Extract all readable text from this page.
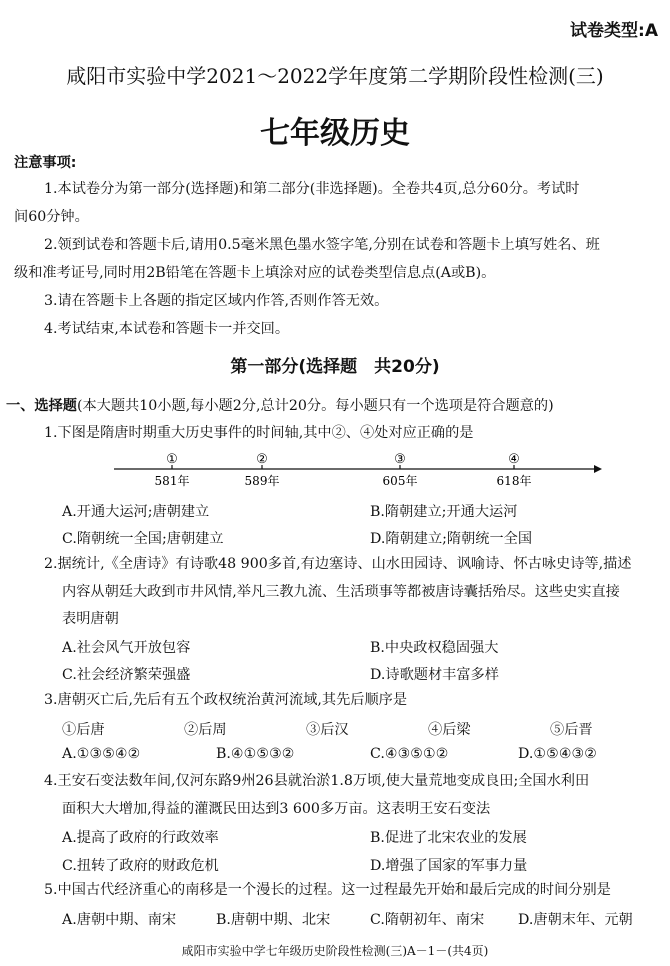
试卷类型:A
咸阳市实验中学2021～2022学年度第二学期阶段性检测(三)
七年级历史
注意事项:
1.本试卷分为第一部分(选择题)和第二部分(非选择题)。全卷共4页,总分60分。考试时
间60分钟。
2.领到试卷和答题卡后,请用0.5毫米黑色墨水签字笔,分别在试卷和答题卡上填写姓名、班
级和准考证号,同时用2B铅笔在答题卡上填涂对应的试卷类型信息点(A或B)。
3.请在答题卡上各题的指定区域内作答,否则作答无效。
4.考试结束,本试卷和答题卡一并交回。
第一部分(选择题　共20分)
一、选择题(本大题共10小题,每小题2分,总计20分。每小题只有一个选项是符合题意的)
1.下图是隋唐时期重大历史事件的时间轴,其中②、④处对应正确的是
①
581年
②
589年
③
605年
④
618年
A.开通大运河;唐朝建立	B.隋朝建立;开通大运河
C.隋朝统一全国;唐朝建立	D.隋朝建立;隋朝统一全国
2.据统计,《全唐诗》有诗歌48 900多首,有边塞诗、山水田园诗、讽喻诗、怀古咏史诗等,描述
内容从朝廷大政到市井风情,举凡三教九流、生活琐事等都被唐诗囊括殆尽。这些史实直接
表明唐朝
A.社会风气开放包容	B.中央政权稳固强大
C.社会经济繁荣强盛	D.诗歌题材丰富多样
3.唐朝灭亡后,先后有五个政权统治黄河流域,其先后顺序是
①后唐	②后周	③后汉	④后梁	⑤后晋
A.①③⑤④②	B.④①⑤③②	C.④③⑤①②	D.①⑤④③②
4.王安石变法数年间,仅河东路9州26县就治淤1.8万顷,使大量荒地变成良田;全国水利田
面积大大增加,得益的灌溉民田达到3 600多万亩。这表明王安石变法
A.提高了政府的行政效率	B.促进了北宋农业的发展
C.扭转了政府的财政危机	D.增强了国家的军事力量
5.中国古代经济重心的南移是一个漫长的过程。这一过程最先开始和最后完成的时间分别是
A.唐朝中期、南宋	B.唐朝中期、北宋	C.隋朝初年、南宋 D.唐朝末年、元朝
咸阳市实验中学七年级历史阶段性检测(三)A－1－(共4页)
